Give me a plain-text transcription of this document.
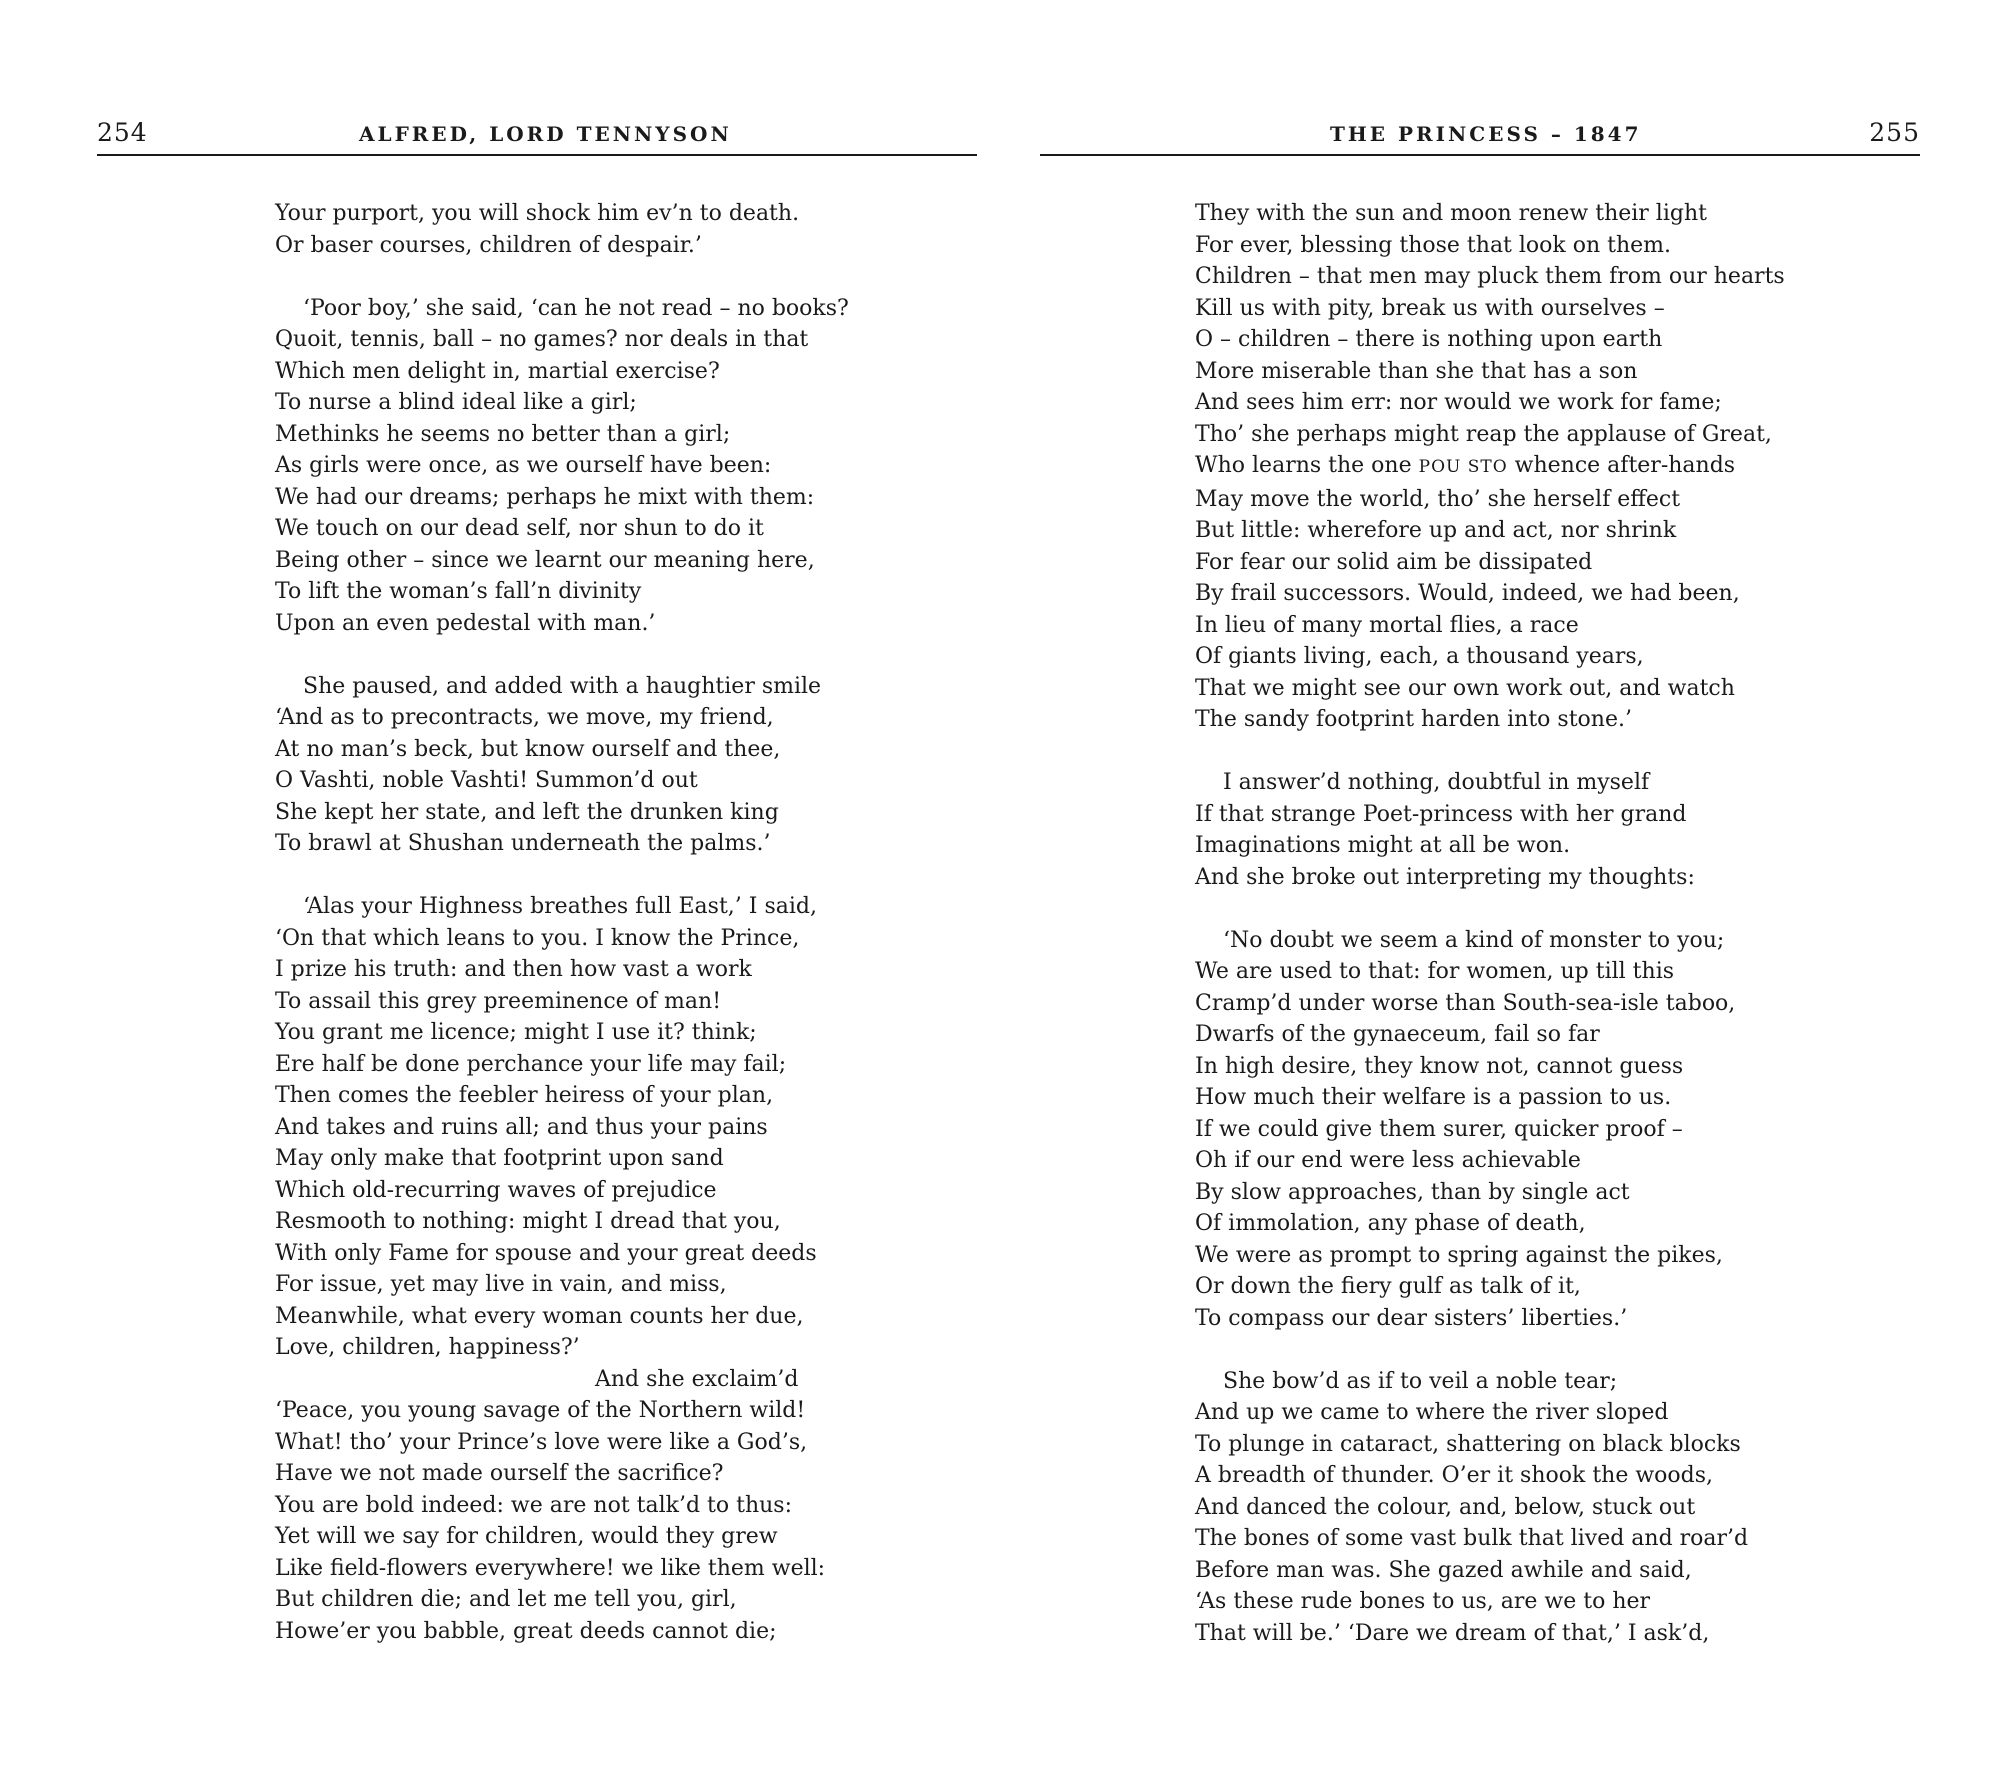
254	ALFRED, LORD TENNYSON
Your purport, you will shock him ev’n to death.
Or baser courses, children of despair.’
‘Poor boy,’ she said, ‘can he not read – no books?
Quoit, tennis, ball – no games? nor deals in that
Which men delight in, martial exercise?
To nurse a blind ideal like a girl;
Methinks he seems no better than a girl;
As girls were once, as we ourself have been:
We had our dreams; perhaps he mixt with them:
We touch on our dead self, nor shun to do it
Being other – since we learnt our meaning here,
To lift the woman’s fall’n divinity
Upon an even pedestal with man.’
She paused, and added with a haughtier smile
‘And as to precontracts, we move, my friend,
At no man’s beck, but know ourself and thee,
O Vashti, noble Vashti! Summon’d out
She kept her state, and left the drunken king
To brawl at Shushan underneath the palms.’
‘Alas your Highness breathes full East,’ I said,
‘On that which leans to you. I know the Prince,
I prize his truth: and then how vast a work
To assail this grey preeminence of man!
You grant me licence; might I use it? think;
Ere half be done perchance your life may fail;
Then comes the feebler heiress of your plan,
And takes and ruins all; and thus your pains
May only make that footprint upon sand
Which old-recurring waves of prejudice
Resmooth to nothing: might I dread that you,
With only Fame for spouse and your great deeds
For issue, yet may live in vain, and miss,
Meanwhile, what every woman counts her due,
Love, children, happiness?’
And she exclaim’d
‘Peace, you young savage of the Northern wild!
What! tho’ your Prince’s love were like a God’s,
Have we not made ourself the sacrifice?
You are bold indeed: we are not talk’d to thus:
Yet will we say for children, would they grew
Like field-flowers everywhere! we like them well:
But children die; and let me tell you, girl,
Howe’er you babble, great deeds cannot die;
THE PRINCESS – 1847	255
They with the sun and moon renew their light
For ever, blessing those that look on them.
Children – that men may pluck them from our hearts
Kill us with pity, break us with ourselves –
O – children – there is nothing upon earth
More miserable than she that has a son
And sees him err: nor would we work for fame;
Tho’ she perhaps might reap the applause of Great,
Who learns the one POU STO whence after-hands
May move the world, tho’ she herself effect
But little: wherefore up and act, nor shrink
For fear our solid aim be dissipated
By frail successors. Would, indeed, we had been,
In lieu of many mortal flies, a race
Of giants living, each, a thousand years,
That we might see our own work out, and watch
The sandy footprint harden into stone.’
I answer’d nothing, doubtful in myself
If that strange Poet-princess with her grand
Imaginations might at all be won.
And she broke out interpreting my thoughts:
‘No doubt we seem a kind of monster to you;
We are used to that: for women, up till this
Cramp’d under worse than South-sea-isle taboo,
Dwarfs of the gynaeceum, fail so far
In high desire, they know not, cannot guess
How much their welfare is a passion to us.
If we could give them surer, quicker proof –
Oh if our end were less achievable
By slow approaches, than by single act
Of immolation, any phase of death,
We were as prompt to spring against the pikes,
Or down the fiery gulf as talk of it,
To compass our dear sisters’ liberties.’
She bow’d as if to veil a noble tear;
And up we came to where the river sloped
To plunge in cataract, shattering on black blocks
A breadth of thunder. O’er it shook the woods,
And danced the colour, and, below, stuck out
The bones of some vast bulk that lived and roar’d
Before man was. She gazed awhile and said,
‘As these rude bones to us, are we to her
That will be.’ ‘Dare we dream of that,’ I ask’d,
